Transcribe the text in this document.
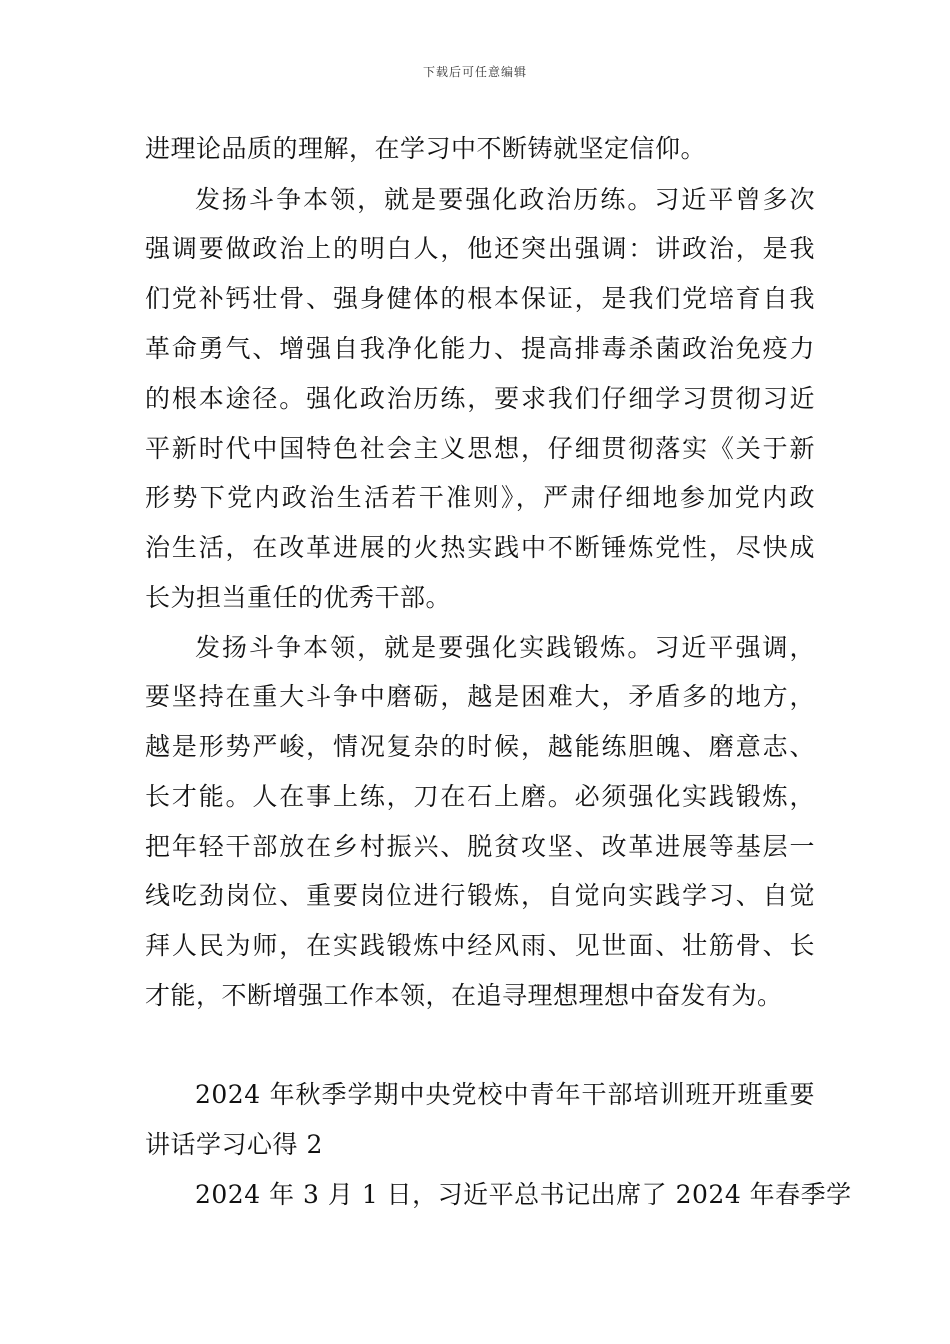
下载后可任意编辑
进理论品质的理解，在学习中不断铸就坚定信仰。
发扬斗争本领，就是要强化政治历练。习近平曾多次
强调要做政治上的明白人，他还突出强调：讲政治，是我
们党补钙壮骨、强身健体的根本保证，是我们党培育自我
革命勇气、增强自我净化能力、提高排毒杀菌政治免疫力
的根本途径。强化政治历练，要求我们仔细学习贯彻习近
平新时代中国特色社会主义思想，仔细贯彻落实《关于新
形势下党内政治生活若干准则》，严肃仔细地参加党内政
治生活，在改革进展的火热实践中不断锤炼党性，尽快成
长为担当重任的优秀干部。
发扬斗争本领，就是要强化实践锻炼。习近平强调，
要坚持在重大斗争中磨砺，越是困难大，矛盾多的地方，
越是形势严峻，情况复杂的时候，越能练胆魄、磨意志、
长才能。人在事上练，刀在石上磨。必须强化实践锻炼，
把年轻干部放在乡村振兴、脱贫攻坚、改革进展等基层一
线吃劲岗位、重要岗位进行锻炼，自觉向实践学习、自觉
拜人民为师，在实践锻炼中经风雨、见世面、壮筋骨、长
才能，不断增强工作本领，在追寻理想理想中奋发有为。
2024 年秋季学期中央党校中青年干部培训班开班重要
讲话学习心得 2
2024 年 3 月 1 日，习近平总书记出席了 2024 年春季学
